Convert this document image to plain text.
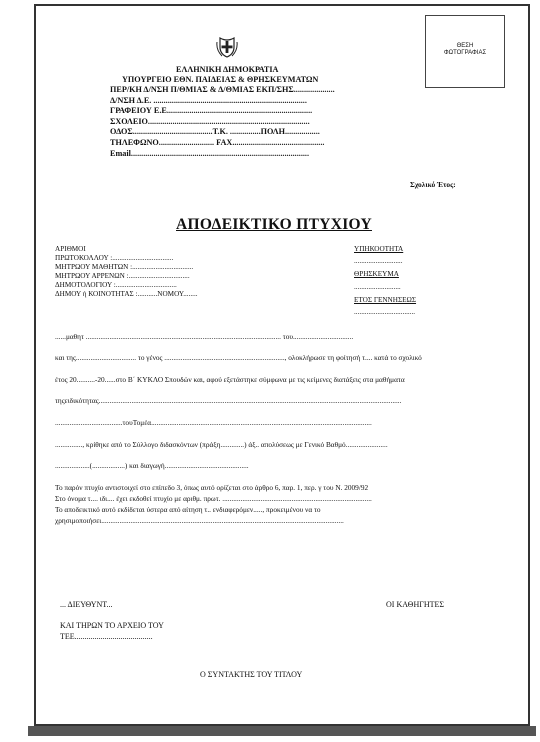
ΘΕΣΗ
ΦΩΤΟΓΡΑΦΙΑΣ
ΕΛΛΗΝΙΚΗ ΔΗΜΟΚΡΑΤΙΑ
ΥΠΟΥΡΓΕΙΟ ΕΘΝ. ΠΑΙΔΕΙΑΣ & ΘΡΗΣΚΕΥΜΑΤΩΝ
ΠΕΡ/ΚΗ Δ/ΝΣΗ Π/ΘΜΙΑΣ & Δ/ΘΜΙΑΣ ΕΚΠ/ΣΗΣ....................
Δ/ΝΣΗ Δ.Ε. ...........................................................................
ΓΡΑΦΕΙΟΥ Ε.Ε.......................................................................
ΣΧΟΛΕΙΟ...............................................................................
ΟΔΟΣ.......................................Τ.Κ. ...............ΠΟΛΗ.................
ΤΗΛΕΦΩΝΟ........................... FAX.............................................
Email.......................................................................................
Σχολικό Έτος:
ΑΠΟΔΕΙΚΤΙΚΟ ΠΤΥΧΙΟΥ
ΑΡΙΘΜΟΙ
ΠΡΩΤΟΚΟΛΛΟΥ :..................................
ΜΗΤΡΩΟΥ ΜΑΘΗΤΩΝ :..................................
ΜΗΤΡΩΟΥ ΑΡΡΕΝΩΝ :..................................
ΔΗΜΟΤΟΛΟΓΙΟΥ :..................................
ΔΗΜΟΥ ή ΚΟΙΝΟΤΗΤΑΣ :...........ΝΟΜΟΥ........
ΥΠΗΚΟΟΤΗΤΑ
...........................
ΘΡΗΣΚΕΥΜΑ
..........................
ΕΤΟΣ ΓΕΝΝΗΣΕΩΣ
..................................
......μαθητ ........................................................................................................... του.................................
και της................................. το γένος .................................................................., ολοκλήρωσε τη φοίτησή τ.... κατά το σχολικό
έτος 20..........-20......στο Β΄ ΚΥΚΛΟ Σπουδών και, αφού εξετάστηκε σύμφωνα με τις κείμενες διατάξεις στα μαθήματα
τηςειδικότητας......................................................................................................................................................................
.....................................τουΤομέα.........................................................................................................................
..............., κρίθηκε από το Σύλλογο διδασκόντων (πράξη.............) άξ.. απολύσεως με Γενικό Βαθμό.......................
...................(..................) και διαγωγή..............................................
Το παρόν πτυχίο αντιστοιχεί στο επίπεδο 3, όπως αυτό ορίζεται στο άρθρο 6, παρ. 1, περ. γ του Ν. 2009/92
Στο όνομα τ.... ιδι.... έχει εκδοθεί πτυχίο με αριθμ. πρωτ. ..................................................................................
Το αποδεικτικό αυτό εκδίδεται ύστερα από αίτηση τ.. ενδιαφερόμεν....., προκειμένου να το
χρησιμοποιήσει.....................................................................................................................................
... ΔΙΕΥΘΥΝΤ...	ΟΙ ΚΑΘΗΓΗΤΕΣ
ΚΑΙ ΤΗΡΩΝ ΤΟ ΑΡΧΕΙΟ ΤΟΥ
ΤΕΕ.......................................
Ο ΣΥΝΤΑΚΤΗΣ ΤΟΥ ΤΙΤΛΟΥ
